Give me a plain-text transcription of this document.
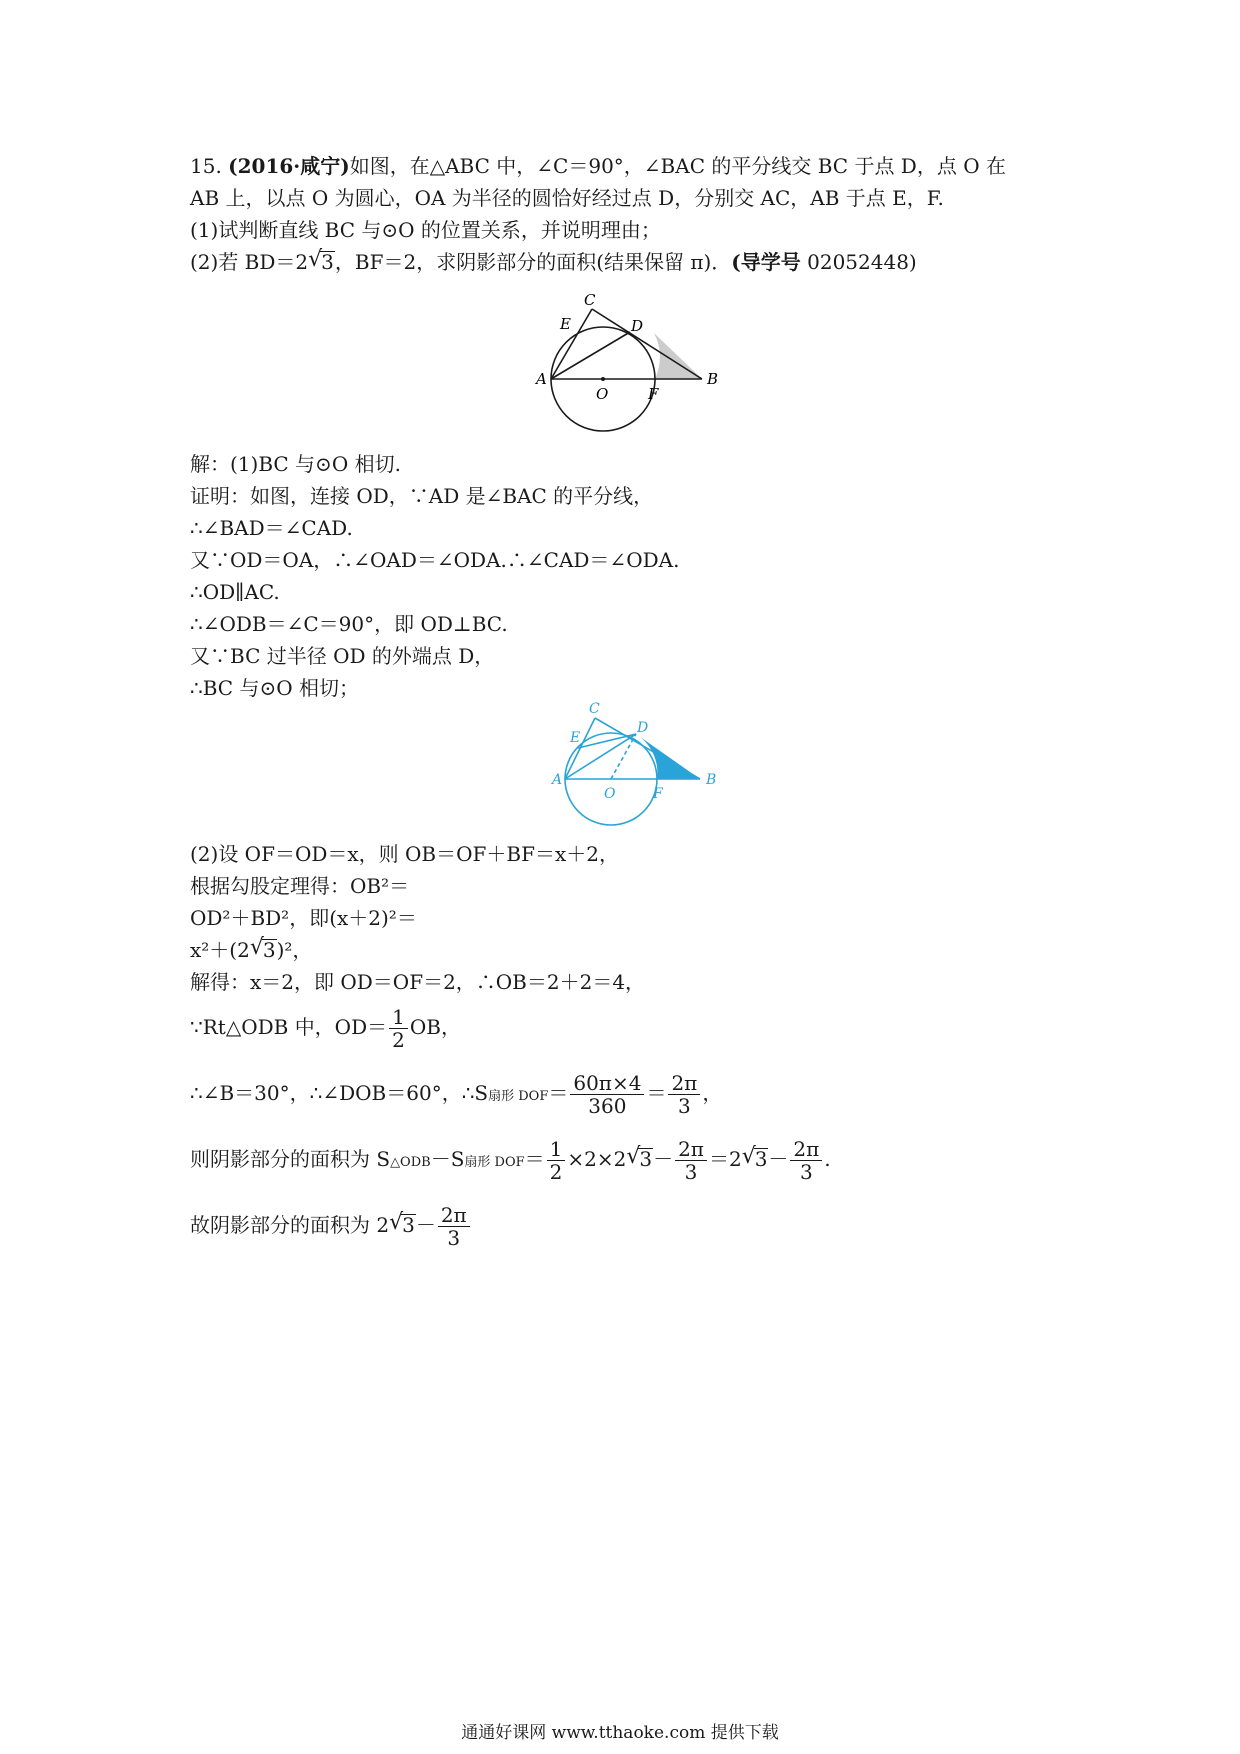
15. (2016·咸宁)如图，在△ABC 中，∠C＝90°，∠BAC 的平分线交 BC 于点 D，点 O 在
AB 上，以点 O 为圆心，OA 为半径的圆恰好经过点 D，分别交 AC，AB 于点 E，F.
(1)试判断直线 BC 与⊙O 的位置关系，并说明理由；
(2)若 BD＝2 √
3，BF＝2，求阴影部分的面积(结果保留 π)．(导学号 02052448)
C
E	D
A
O	F
B
解：(1)BC 与⊙O 相切.
证明：如图，连接 OD，∵AD 是∠BAC 的平分线，
∴∠BAD＝∠CAD.
又∵OD＝OA，∴∠OAD＝∠ODA.∴∠CAD＝∠ODA.
∴OD∥AC.
∴∠ODB＝∠C＝90°，即 OD⊥BC.
又∵BC 过半径 OD 的外端点 D，
∴BC 与⊙O 相切；
C
E
D
A
O	F
B
(2)设 OF＝OD＝x，则 OB＝OF＋BF＝x＋2，
根据勾股定理得：OB²＝
OD²＋BD²，即(x＋2)²＝
x²＋(2 √
3)²，
解得：x＝2，即 OD＝OF＝2，∴OB＝2＋2＝4，
∵Rt△ODB 中，$OD= \frac{1}{2}$ OB，
∴∠B＝30°，∴∠DOB＝60°，∴S扇形 $DOF= \frac{60\pi\times 4}{360} = \frac{2\pi}{3}$ ，
则阴影部分的面积为 S△ODB－S扇形 $DOF= \frac{1}{2} \times 2\times 2$ √
$3- \frac{2\pi}{3} =2$ √
$3- \frac{2\pi}{3}$ .
故阴影部分的面积为 2 √
$3- \frac{2\pi}{3}$
通通好课网 www.tthaoke.com 提供下载
